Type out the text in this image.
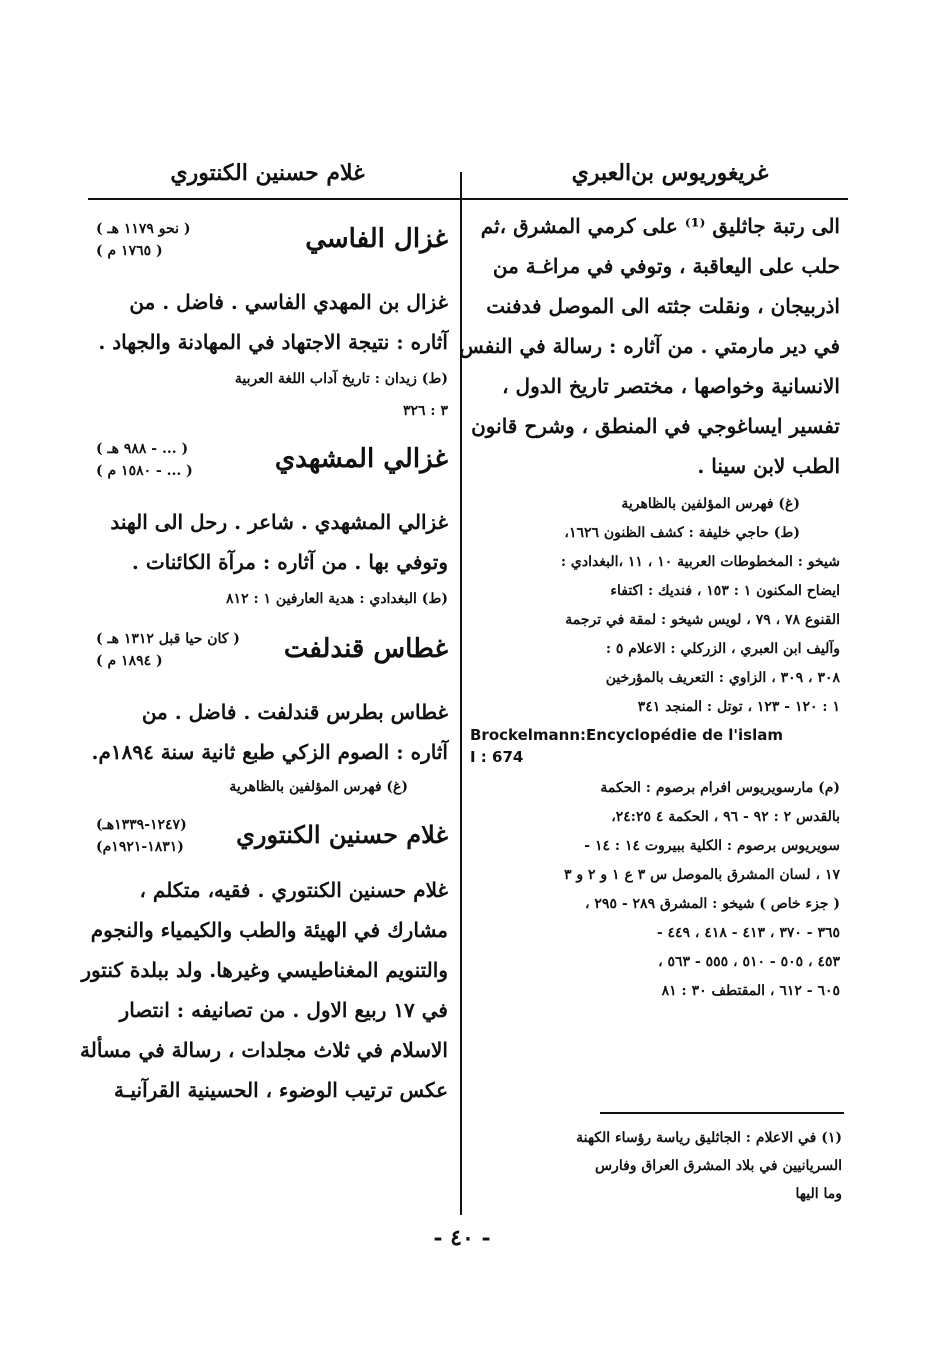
غريغوريوس بن‌العبري
غلام حسنين الكنتوري
الى رتبة جاثليق ⁽¹⁾ على كرمي المشرق ،ثم
حلب على اليعاقبة ، وتوفي في مراغـة من
اذربيجان ، ونقلت جثته الى الموصل فدفنت
في دير مارمتي . من آثاره : رسالة في النفس
الانسانية وخواصها ، مختصر تاريخ الدول ،
تفسير ايساغوجي في المنطق ، وشرح قانون
الطب لابن سينا .
(غ) فهرس المؤلفين بالظاهرية
(ط) حاجي خليفة : كشف الظنون ١٦٢٦،
شيخو : المخطوطات العربية ١٠ ، ١١ ،البغدادي :
ايضاح المكنون ١ : ١٥٣ ، فنديك : اكتفاء
القنوع ٧٨ ، ٧٩ ، لويس شيخو : لمقة في ترجمة
وآليف ابن العبري ، الزركلي : الاعلام ٥ :
٣٠٨ ، ٣٠٩ ، الزاوي : التعريف بالمؤرخين
١ : ١٢٠ - ١٢٣ ، توتل : المنجد ٣٤١
Brockelmann:Encyclopédie de l'islam
I : 674
(م) مارسويريوس افرام برصوم : الحكمة
بالقدس ٢ : ٩٢ - ٩٦ ، الحكمة ٤ ٢٤:٢٥،
سويريوس برصوم : الكلية ببيروت ١٤ : ١٤ -
١٧ ، لسان المشرق بالموصل س ٣ ع ١ و ٢ و ٣
( جزء خاص ) شيخو : المشرق ٢٨٩ - ٢٩٥ ،
٣٦٥ - ٣٧٠ ، ٤١٣ - ٤١٨ ، ٤٤٩ -
٤٥٣ ، ٥٠٥ - ٥١٠ ، ٥٥٥ - ٥٦٣ ،
٦٠٥ - ٦١٢ ، المقتطف ٣٠ : ٨١
(١) في الاعلام : الجاثليق رياسة رؤساء الكهنة
السريانيين في بلاد المشرق العراق وفارس
وما اليها
غزال الفاسي
( نحو ١١٧٩ هـ )
( ١٧٦٥ م )
غزال بن المهدي الفاسي . فاضل . من
آثاره : نتيجة الاجتهاد في المهادنة والجهاد .
(ط) زيدان : تاريخ آداب اللغة العربية
٣ : ٣٢٦
غزالي المشهدي
( ... - ٩٨٨ هـ )
( ... - ١٥٨٠ م )
غزالي المشهدي . شاعر . رحل الى الهند
وتوفي بها . من آثاره : مرآة الكائنات .
(ط) البغدادي : هدية العارفين ١ : ٨١٢
غطاس قندلفت
( كان حيا قبل ١٣١٢ هـ )
( ١٨٩٤ م )
غطاس بطرس قندلفت . فاضل . من
آثاره : الصوم الزكي طبع ثانية سنة ١٨٩٤م.
(غ) فهرس المؤلفين بالظاهرية
غلام حسنين الكنتوري
(١٢٤٧-١٣٣٩هـ)
(١٨٣١-١٩٢١م)
غلام حسنين الكنتوري . فقيه، متكلم ،
مشارك في الهيئة والطب والكيمياء والنجوم
والتنويم المغناطيسي وغيرها. ولد ببلدة كنتور
في ١٧ ربيع الاول . من تصانيفه : انتصار
الاسلام في ثلاث مجلدات ، رسالة في مسألة
عكس ترتيب الوضوء ، الحسينية القرآنيـة
- ٤٠ -
